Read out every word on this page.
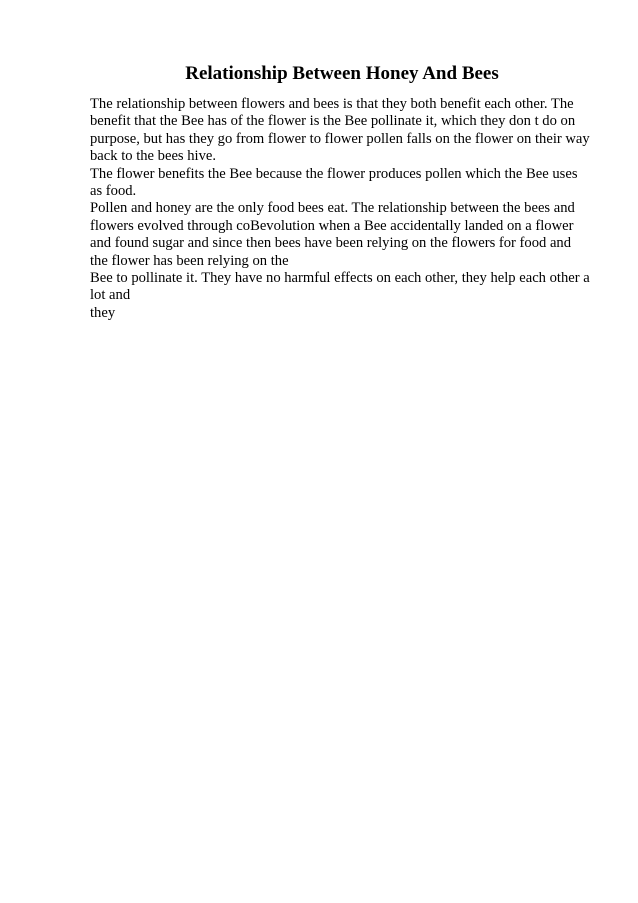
Relationship Between Honey And Bees
The relationship between flowers and bees is that they both benefit each other. The
benefit that the Bee has of the flower is the Bee pollinate it, which they don t do on
purpose, but has they go from flower to flower pollen falls on the flower on their way
back to the bees hive.
The flower benefits the Bee because the flower produces pollen which the Bee uses
as food.
Pollen and honey are the only food bees eat. The relationship between the bees and
flowers evolved through coBevolution when a Bee accidentally landed on a flower
and found sugar and since then bees have been relying on the flowers for food and
the flower has been relying on the
Bee to pollinate it. They have no harmful effects on each other, they help each other a
lot and
they
